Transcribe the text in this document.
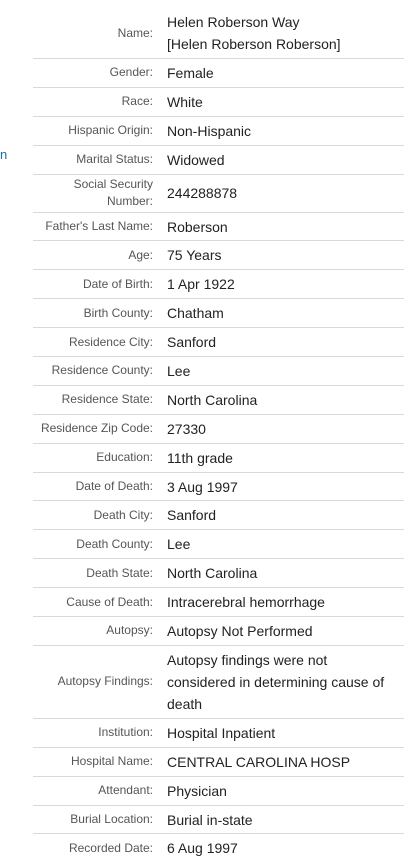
n
Name:
Helen Roberson Way
[Helen Roberson Roberson]
Gender:	Female
Race:	White
Hispanic Origin:	Non-Hispanic
Marital Status:	Widowed
Social Security Number:	244288878
Father's Last Name:	Roberson
Age:	75 Years
Date of Birth:	1 Apr 1922
Birth County:	Chatham
Residence City:	Sanford
Residence County:	Lee
Residence State:	North Carolina
Residence Zip Code:	27330
Education:	11th grade
Date of Death:	3 Aug 1997
Death City:	Sanford
Death County:	Lee
Death State:	North Carolina
Cause of Death:	Intracerebral hemorrhage
Autopsy:	Autopsy Not Performed
Autopsy Findings:
Autopsy findings were not considered in determining cause of death
Institution:	Hospital Inpatient
Hospital Name:	CENTRAL CAROLINA HOSP
Attendant:	Physician
Burial Location:	Burial in-state
Recorded Date:	6 Aug 1997
